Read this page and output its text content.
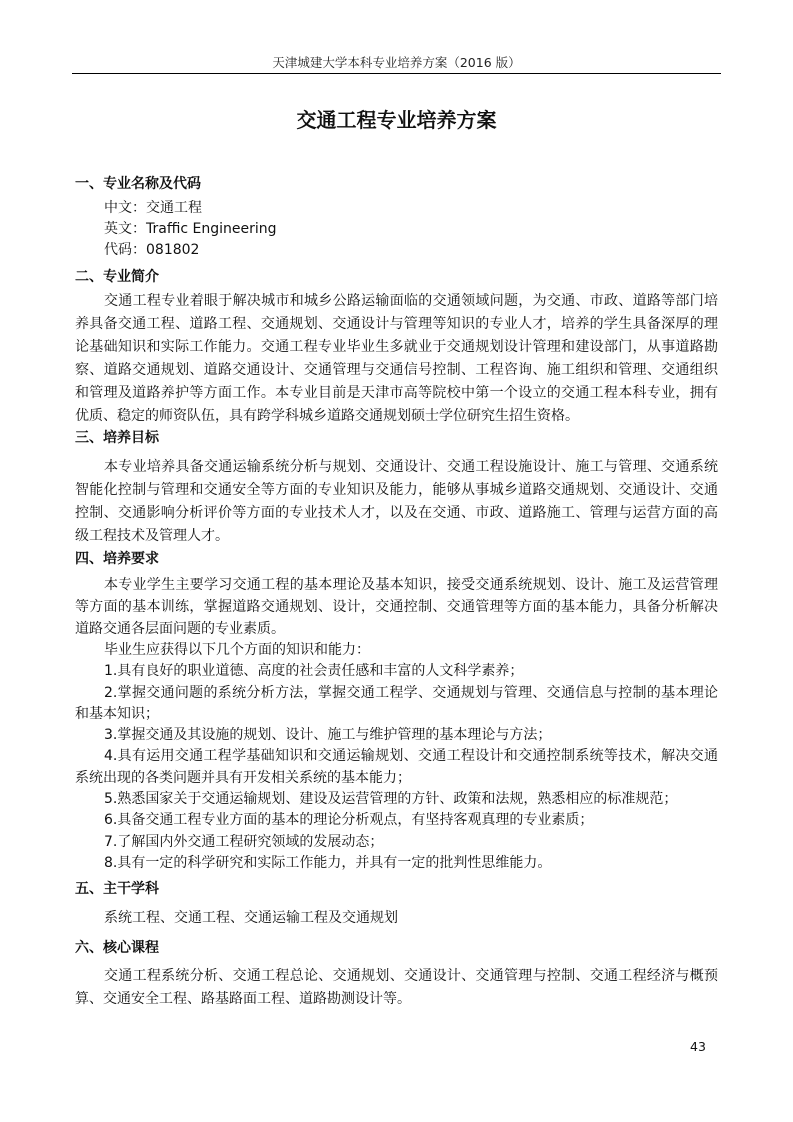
天津城建大学本科专业培养方案（2016 版）
交通工程专业培养方案
一、专业名称及代码
中文：交通工程
英文：Traffic Engineering
代码：081802
二、专业简介

交通工程专业着眼于解决城市和城乡公路运输面临的交通领域问题，为交通、市政、道路等部门培养具备交通工程、道路工程、交通规划、交通设计与管理等知识的专业人才，培养的学生具备深厚的理论基础知识和实际工作能力。交通工程专业毕业生多就业于交通规划设计管理和建设部门，从事道路勘察、道路交通规划、道路交通设计、交通管理与交通信号控制、工程咨询、施工组织和管理、交通组织和管理及道路养护等方面工作。本专业目前是天津市高等院校中第一个设立的交通工程本科专业，拥有优质、稳定的师资队伍，具有跨学科城乡道路交通规划硕士学位研究生招生资格。

三、培养目标

本专业培养具备交通运输系统分析与规划、交通设计、交通工程设施设计、施工与管理、交通系统智能化控制与管理和交通安全等方面的专业知识及能力，能够从事城乡道路交通规划、交通设计、交通控制、交通影响分析评价等方面的专业技术人才，以及在交通、市政、道路施工、管理与运营方面的高级工程技术及管理人才。

四、培养要求

本专业学生主要学习交通工程的基本理论及基本知识，接受交通系统规划、设计、施工及运营管理等方面的基本训练，掌握道路交通规划、设计，交通控制、交通管理等方面的基本能力，具备分析解决道路交通各层面问题的专业素质。

毕业生应获得以下几个方面的知识和能力：

1.具有良好的职业道德、高度的社会责任感和丰富的人文科学素养；

2.掌握交通问题的系统分析方法，掌握交通工程学、交通规划与管理、交通信息与控制的基本理论和基本知识；

3.掌握交通及其设施的规划、设计、施工与维护管理的基本理论与方法；

4.具有运用交通工程学基础知识和交通运输规划、交通工程设计和交通控制系统等技术，解决交通系统出现的各类问题并具有开发相关系统的基本能力；

5.熟悉国家关于交通运输规划、建设及运营管理的方针、政策和法规，熟悉相应的标准规范；

6.具备交通工程专业方面的基本的理论分析观点，有坚持客观真理的专业素质；

7.了解国内外交通工程研究领域的发展动态；

8.具有一定的科学研究和实际工作能力，并具有一定的批判性思维能力。

五、主干学科
系统工程、交通工程、交通运输工程及交通规划
六、核心课程

交通工程系统分析、交通工程总论、交通规划、交通设计、交通管理与控制、交通工程经济与概预算、交通安全工程、路基路面工程、道路勘测设计等。

43
